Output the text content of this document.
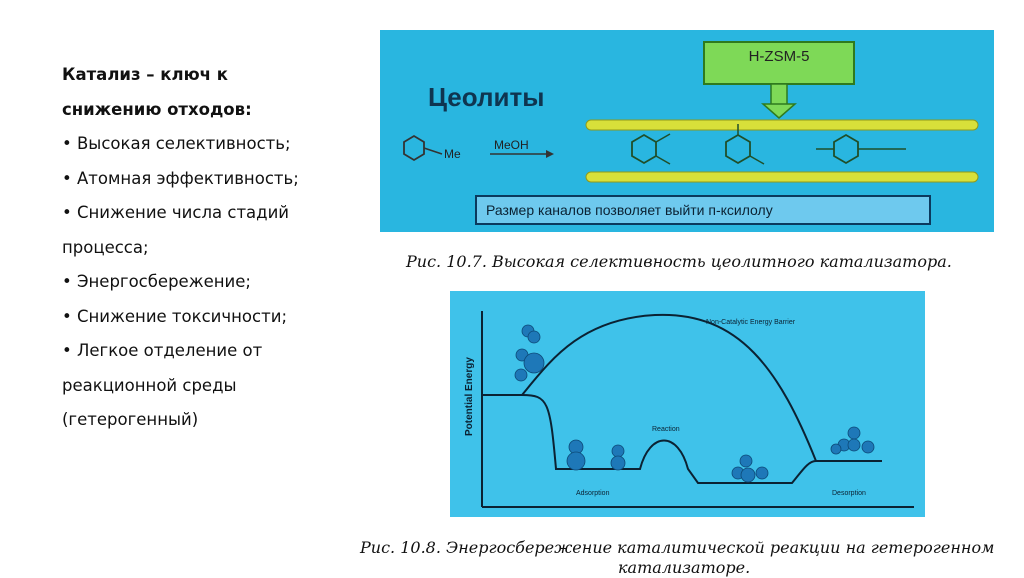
Катализ – ключ к
снижению отходов:
• Высокая селективность;
• Атомная эффективность;
• Снижение числа стадий
процесса;
• Энергосбережение;
• Снижение токсичности;
• Легкое отделение от
реакционной среды
(гетерогенный)
H-ZSM-5
Цеолиты
Me
MeOH
Размер каналов позволяет выйти п-ксилолу
Рис. 10.7. Высокая селективность цеолитного катализатора.
Potential Energy
Non-Catalytic Energy Barrier
Reaction
Adsorption	Desorption
Рис. 10.8. Энергосбережение каталитической реакции на гетерогенном
катализаторе.
